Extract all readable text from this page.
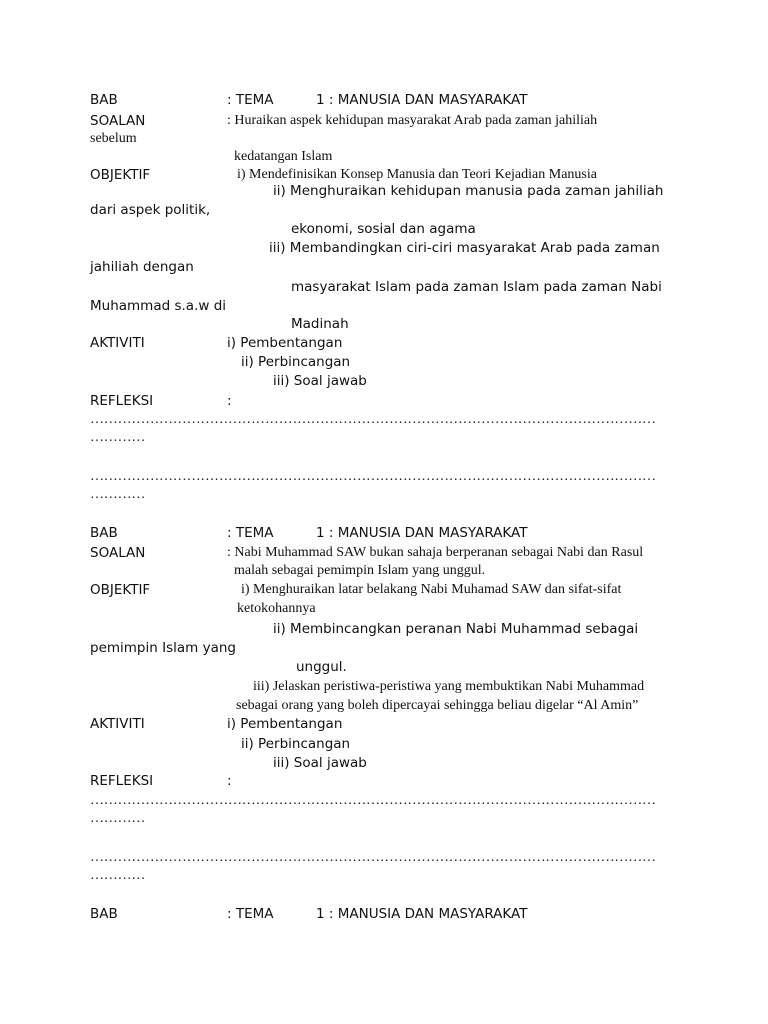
BAB	: TEMA	1 : MANUSIA DAN MASYARAKAT
SOALAN	: Huraikan aspek kehidupan masyarakat Arab pada zaman jahiliah
sebelum
kedatangan Islam
OBJEKTIF	i) Mendefinisikan Konsep Manusia dan Teori Kejadian Manusia
ii) Menghuraikan kehidupan manusia pada zaman jahiliah
dari aspek politik,
ekonomi, sosial dan agama
iii) Membandingkan ciri-ciri masyarakat Arab pada zaman
jahiliah dengan
masyarakat Islam pada zaman Islam pada zaman Nabi
Muhammad s.a.w di
Madinah
AKTIVITI	i) Pembentangan
ii) Perbincangan
iii) Soal jawab
REFLEKSI	:
……………………………………………………………………………………………………………
…………
……………………………………………………………………………………………………………
…………
BAB	: TEMA	1 : MANUSIA DAN MASYARAKAT
SOALAN	: Nabi Muhammad SAW bukan sahaja berperanan sebagai Nabi dan Rasul
malah sebagai pemimpin Islam yang unggul.
OBJEKTIF	i) Menghuraikan latar belakang Nabi Muhamad SAW dan sifat-sifat
ketokohannya
ii) Membincangkan peranan Nabi Muhammad sebagai
pemimpin Islam yang
unggul.
iii) Jelaskan peristiwa-peristiwa yang membuktikan Nabi Muhammad
sebagai orang yang boleh dipercayai sehingga beliau digelar “Al Amin”
AKTIVITI	i) Pembentangan
ii) Perbincangan
iii) Soal jawab
REFLEKSI	:
……………………………………………………………………………………………………………
…………
……………………………………………………………………………………………………………
…………
BAB	: TEMA	1 : MANUSIA DAN MASYARAKAT
